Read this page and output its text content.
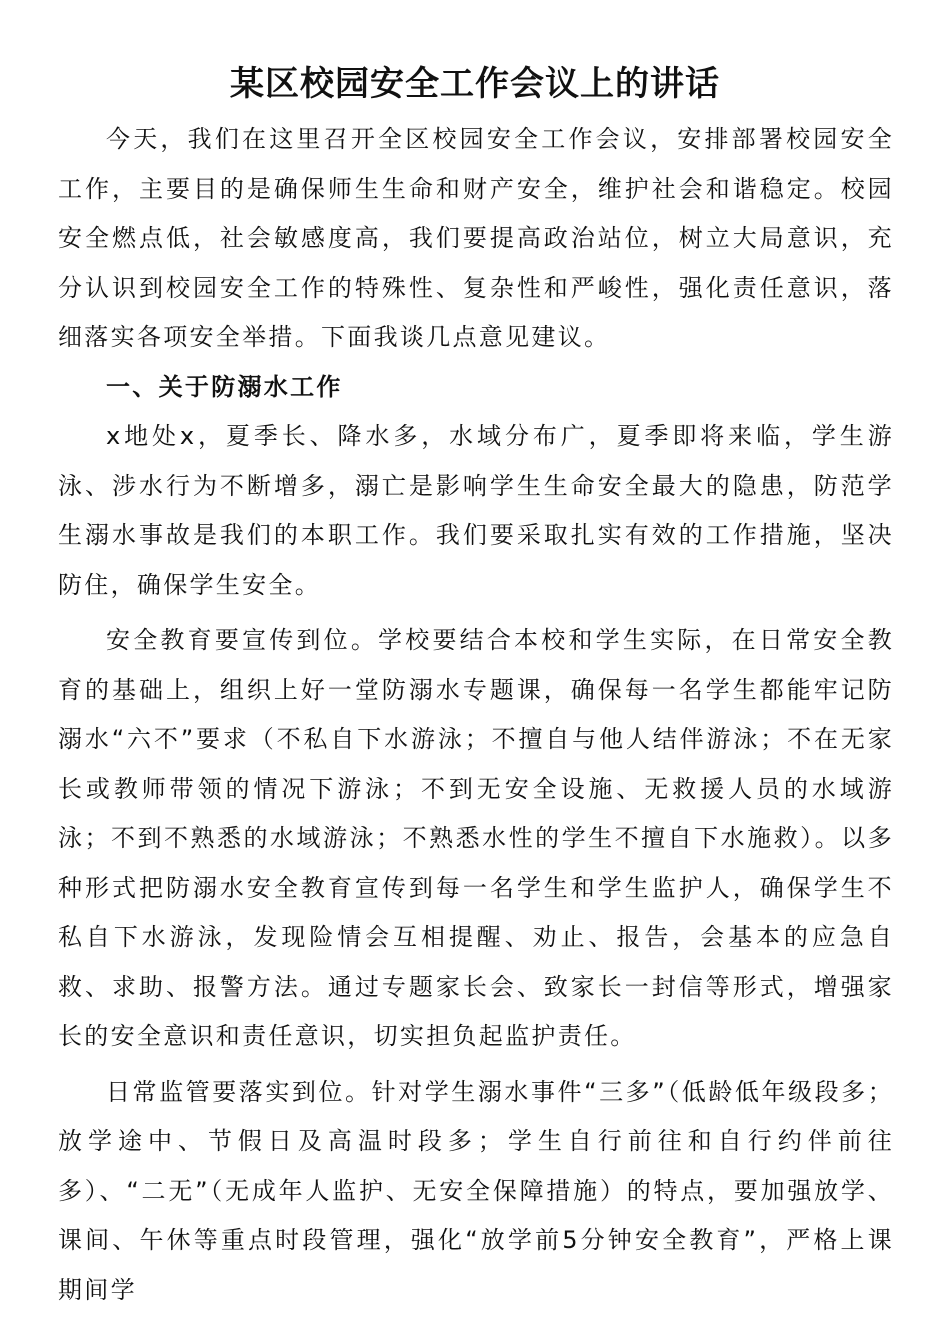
某区校园安全工作会议上的讲话

今天，我们在这里召开全区校园安全工作会议，安排部署校园安全工作，主要目的是确保师生生命和财产安全，维护社会和谐稳定。校园安全燃点低，社会敏感度高，我们要提高政治站位，树立大局意识，充分认识到校园安全工作的特殊性、复杂性和严峻性，强化责任意识，落细落实各项安全举措。下面我谈几点意见建议。

一、关于防溺水工作

x地处x，夏季长、降水多，水域分布广，夏季即将来临，学生游泳、涉水行为不断增多，溺亡是影响学生生命安全最大的隐患，防范学生溺水事故是我们的本职工作。我们要采取扎实有效的工作措施，坚决防住，确保学生安全。

安全教育要宣传到位。学校要结合本校和学生实际，在日常安全教育的基础上，组织上好一堂防溺水专题课，确保每一名学生都能牢记防溺水“六不”要求（不私自下水游泳；不擅自与他人结伴游泳；不在无家长或教师带领的情况下游泳；不到无安全设施、无救援人员的水域游泳；不到不熟悉的水域游泳；不熟悉水性的学生不擅自下水施救）。以多种形式把防溺水安全教育宣传到每一名学生和学生监护人，确保学生不私自下水游泳，发现险情会互相提醒、劝止、报告，会基本的应急自救、求助、报警方法。通过专题家长会、致家长一封信等形式，增强家长的安全意识和责任意识，切实担负起监护责任。

日常监管要落实到位。针对学生溺水事件“三多”（低龄低年级段多；放学途中、节假日及高温时段多；学生自行前往和自行约伴前往多）、“二无”（无成年人监护、无安全保障措施）的特点，要加强放学、课间、午休等重点时段管理，强化“放学前5分钟安全教育”，严格上课期间学
